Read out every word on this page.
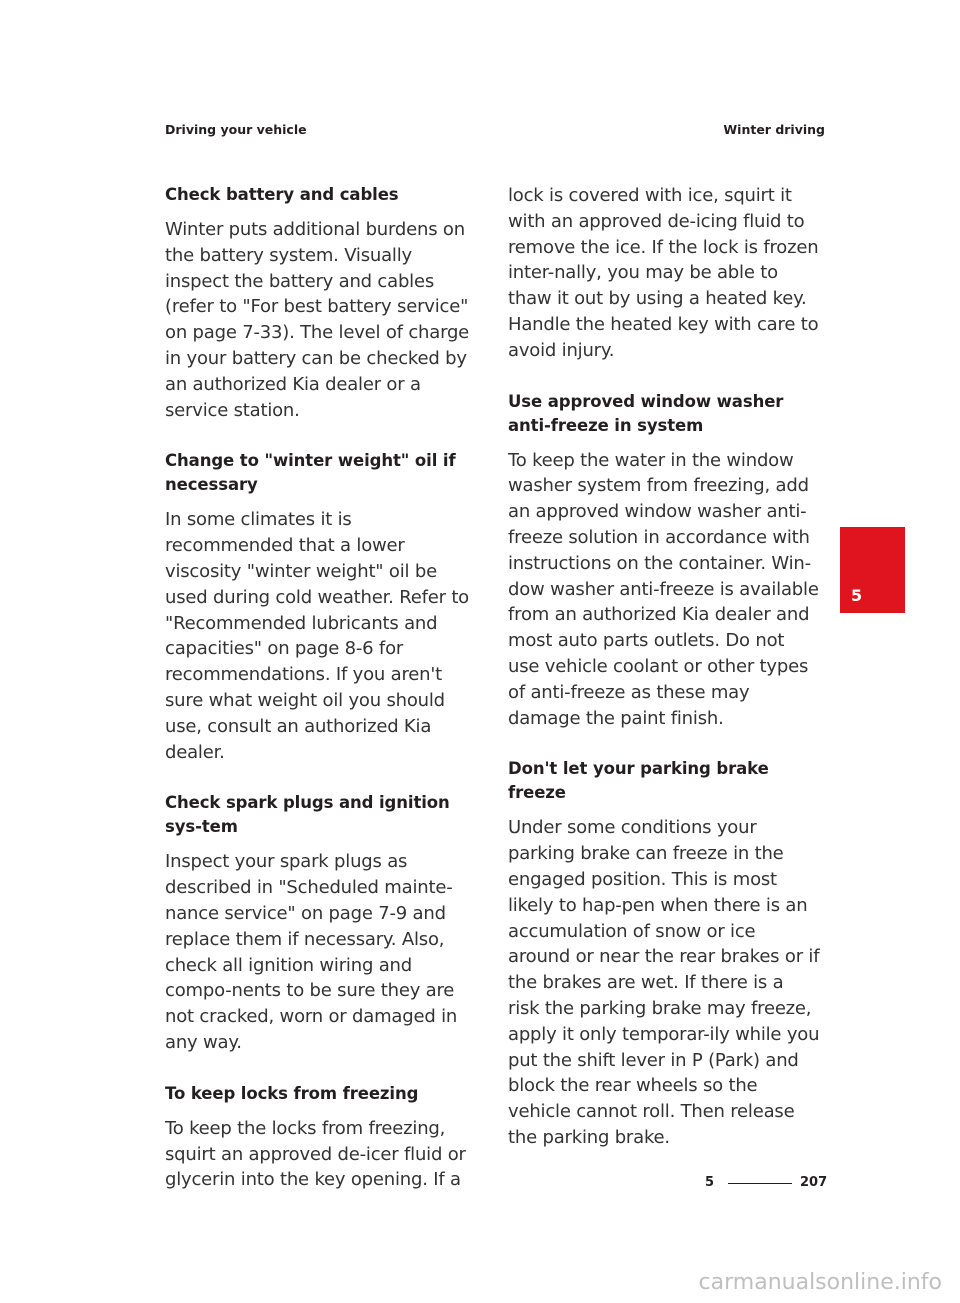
Driving your vehicle	Winter driving
Check battery and cables

Winter puts additional burdens on the battery system. Visually inspect the battery and cables (refer to "For best battery service" on page 7-33). The level of charge in your battery can be checked by an authorized Kia dealer or a service station.

Change to "winter weight" oil if necessary

In some climates it is recommended that a lower viscosity "winter weight" oil be used during cold weather. Refer to "Recommended lubricants and capacities" on page 8-6 for recommendations. If you aren't sure what weight oil you should use, consult an authorized Kia dealer.

Check spark plugs and ignition sys-tem

Inspect your spark plugs as described in "Scheduled mainte-nance service" on page 7-9 and replace them if necessary. Also, check all ignition wiring and compo-nents to be sure they are not cracked, worn or damaged in any way.

To keep locks from freezing

To keep the locks from freezing, squirt an approved de-icer fluid or glycerin into the key opening. If a

lock is covered with ice, squirt it with an approved de-icing fluid to remove the ice. If the lock is frozen inter-nally, you may be able to thaw it out by using a heated key. Handle the heated key with care to avoid injury.

Use approved window washer anti-freeze in system

To keep the water in the window washer system from freezing, add an approved window washer anti-freeze solution in accordance with instructions on the container. Win-dow washer anti-freeze is available from an authorized Kia dealer and most auto parts outlets. Do not use vehicle coolant or other types of anti-freeze as these may damage the paint finish.

Don't let your parking brake freeze

Under some conditions your parking brake can freeze in the engaged position. This is most likely to hap-pen when there is an accumulation of snow or ice around or near the rear brakes or if the brakes are wet. If there is a risk the parking brake may freeze, apply it only temporar-ily while you put the shift lever in P (Park) and block the rear wheels so the vehicle cannot roll. Then release the parking brake.

5
5	207
carmanualsonline.info
